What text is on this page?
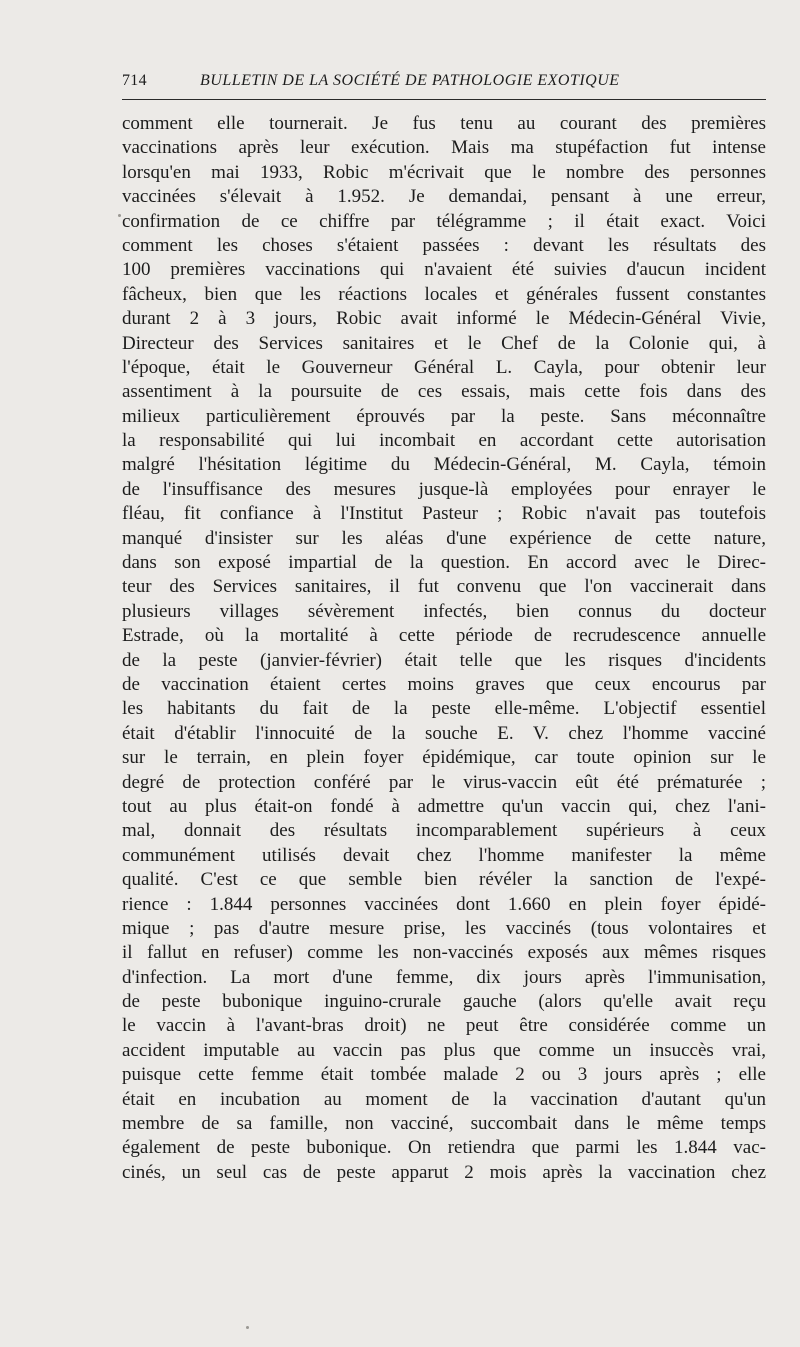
714	BULLETIN DE LA SOCIÉTÉ DE PATHOLOGIE EXOTIQUE
comment elle tournerait. Je fus tenu au courant des premières
vaccinations après leur exécution. Mais ma stupéfaction fut intense
lorsqu'en mai 1933, Robic m'écrivait que le nombre des personnes
vaccinées s'élevait à 1.952. Je demandai, pensant à une erreur,
confirmation de ce chiffre par télégramme ; il était exact. Voici
comment les choses s'étaient passées : devant les résultats des
100 premières vaccinations qui n'avaient été suivies d'aucun incident
fâcheux, bien que les réactions locales et générales fussent constantes
durant 2 à 3 jours, Robic avait informé le Médecin-Général Vivie,
Directeur des Services sanitaires et le Chef de la Colonie qui, à
l'époque, était le Gouverneur Général L. Cayla, pour obtenir leur
assentiment à la poursuite de ces essais, mais cette fois dans des
milieux particulièrement éprouvés par la peste. Sans méconnaître
la responsabilité qui lui incombait en accordant cette autorisation
malgré l'hésitation légitime du Médecin-Général, M. Cayla, témoin
de l'insuffisance des mesures jusque-là employées pour enrayer le
fléau, fit confiance à l'Institut Pasteur ; Robic n'avait pas toutefois
manqué d'insister sur les aléas d'une expérience de cette nature,
dans son exposé impartial de la question. En accord avec le Direc-
teur des Services sanitaires, il fut convenu que l'on vaccinerait dans
plusieurs villages sévèrement infectés, bien connus du docteur
Estrade, où la mortalité à cette période de recrudescence annuelle
de la peste (janvier-février) était telle que les risques d'incidents
de vaccination étaient certes moins graves que ceux encourus par
les habitants du fait de la peste elle-même. L'objectif essentiel
était d'établir l'innocuité de la souche E. V. chez l'homme vacciné
sur le terrain, en plein foyer épidémique, car toute opinion sur le
degré de protection conféré par le virus-vaccin eût été prématurée ;
tout au plus était-on fondé à admettre qu'un vaccin qui, chez l'ani-
mal, donnait des résultats incomparablement supérieurs à ceux
communément utilisés devait chez l'homme manifester la même
qualité. C'est ce que semble bien révéler la sanction de l'expé-
rience : 1.844 personnes vaccinées dont 1.660 en plein foyer épidé-
mique ; pas d'autre mesure prise, les vaccinés (tous volontaires et
il fallut en refuser) comme les non-vaccinés exposés aux mêmes risques
d'infection. La mort d'une femme, dix jours après l'immunisation,
de peste bubonique inguino-crurale gauche (alors qu'elle avait reçu
le vaccin à l'avant-bras droit) ne peut être considérée comme un
accident imputable au vaccin pas plus que comme un insuccès vrai,
puisque cette femme était tombée malade 2 ou 3 jours après ; elle
était en incubation au moment de la vaccination d'autant qu'un
membre de sa famille, non vacciné, succombait dans le même temps
également de peste bubonique. On retiendra que parmi les 1.844 vac-
cinés, un seul cas de peste apparut 2 mois après la vaccination chez
